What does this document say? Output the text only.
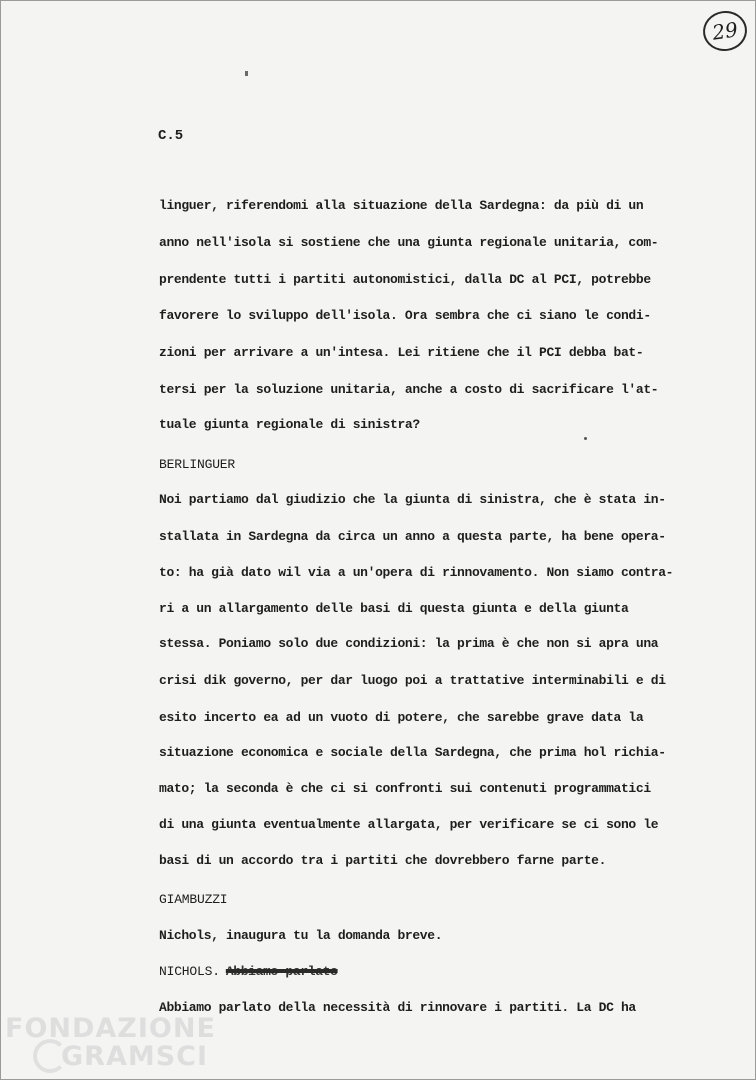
29
C.5
linguer, riferendomi alla situazione della Sardegna: da più di un
anno nell'isola si sostiene che una giunta regionale unitaria, com-
prendente tutti i partiti autonomistici, dalla DC al PCI, potrebbe
favorere lo sviluppo dell'isola. Ora sembra che ci siano le condi-
zioni per arrivare a un'intesa. Lei ritiene che il PCI debba bat-
tersi per la soluzione unitaria, anche a costo di sacrificare l'at-
tuale giunta regionale di sinistra?
BERLINGUER
Noi partiamo dal giudizio che la giunta di sinistra, che è stata in-
stallata in Sardegna da circa un anno a questa parte, ha bene opera-
to: ha già dato wil via a un'opera di rinnovamento. Non siamo contra-
ri a un allargamento delle basi di questa giunta e della giunta
stessa. Poniamo solo due condizioni: la prima è che non si apra una
crisi dik governo, per dar luogo poi a trattative interminabili e di
esito incerto ea ad un vuoto di potere, che sarebbe grave data la
situazione economica e sociale della Sardegna, che prima hol richia-
mato; la seconda è che ci si confronti sui contenuti programmatici
di una giunta eventualmente allargata, per verificare se ci sono le
basi di un accordo tra i partiti che dovrebbero farne parte.
GIAMBUZZI
Nichols, inaugura tu la domanda breve.
NICHOLS. Abbiamo parlato
Abbiamo parlato della necessità di rinnovare i partiti. La DC ha
FONDAZIONE
GRAMSCI
